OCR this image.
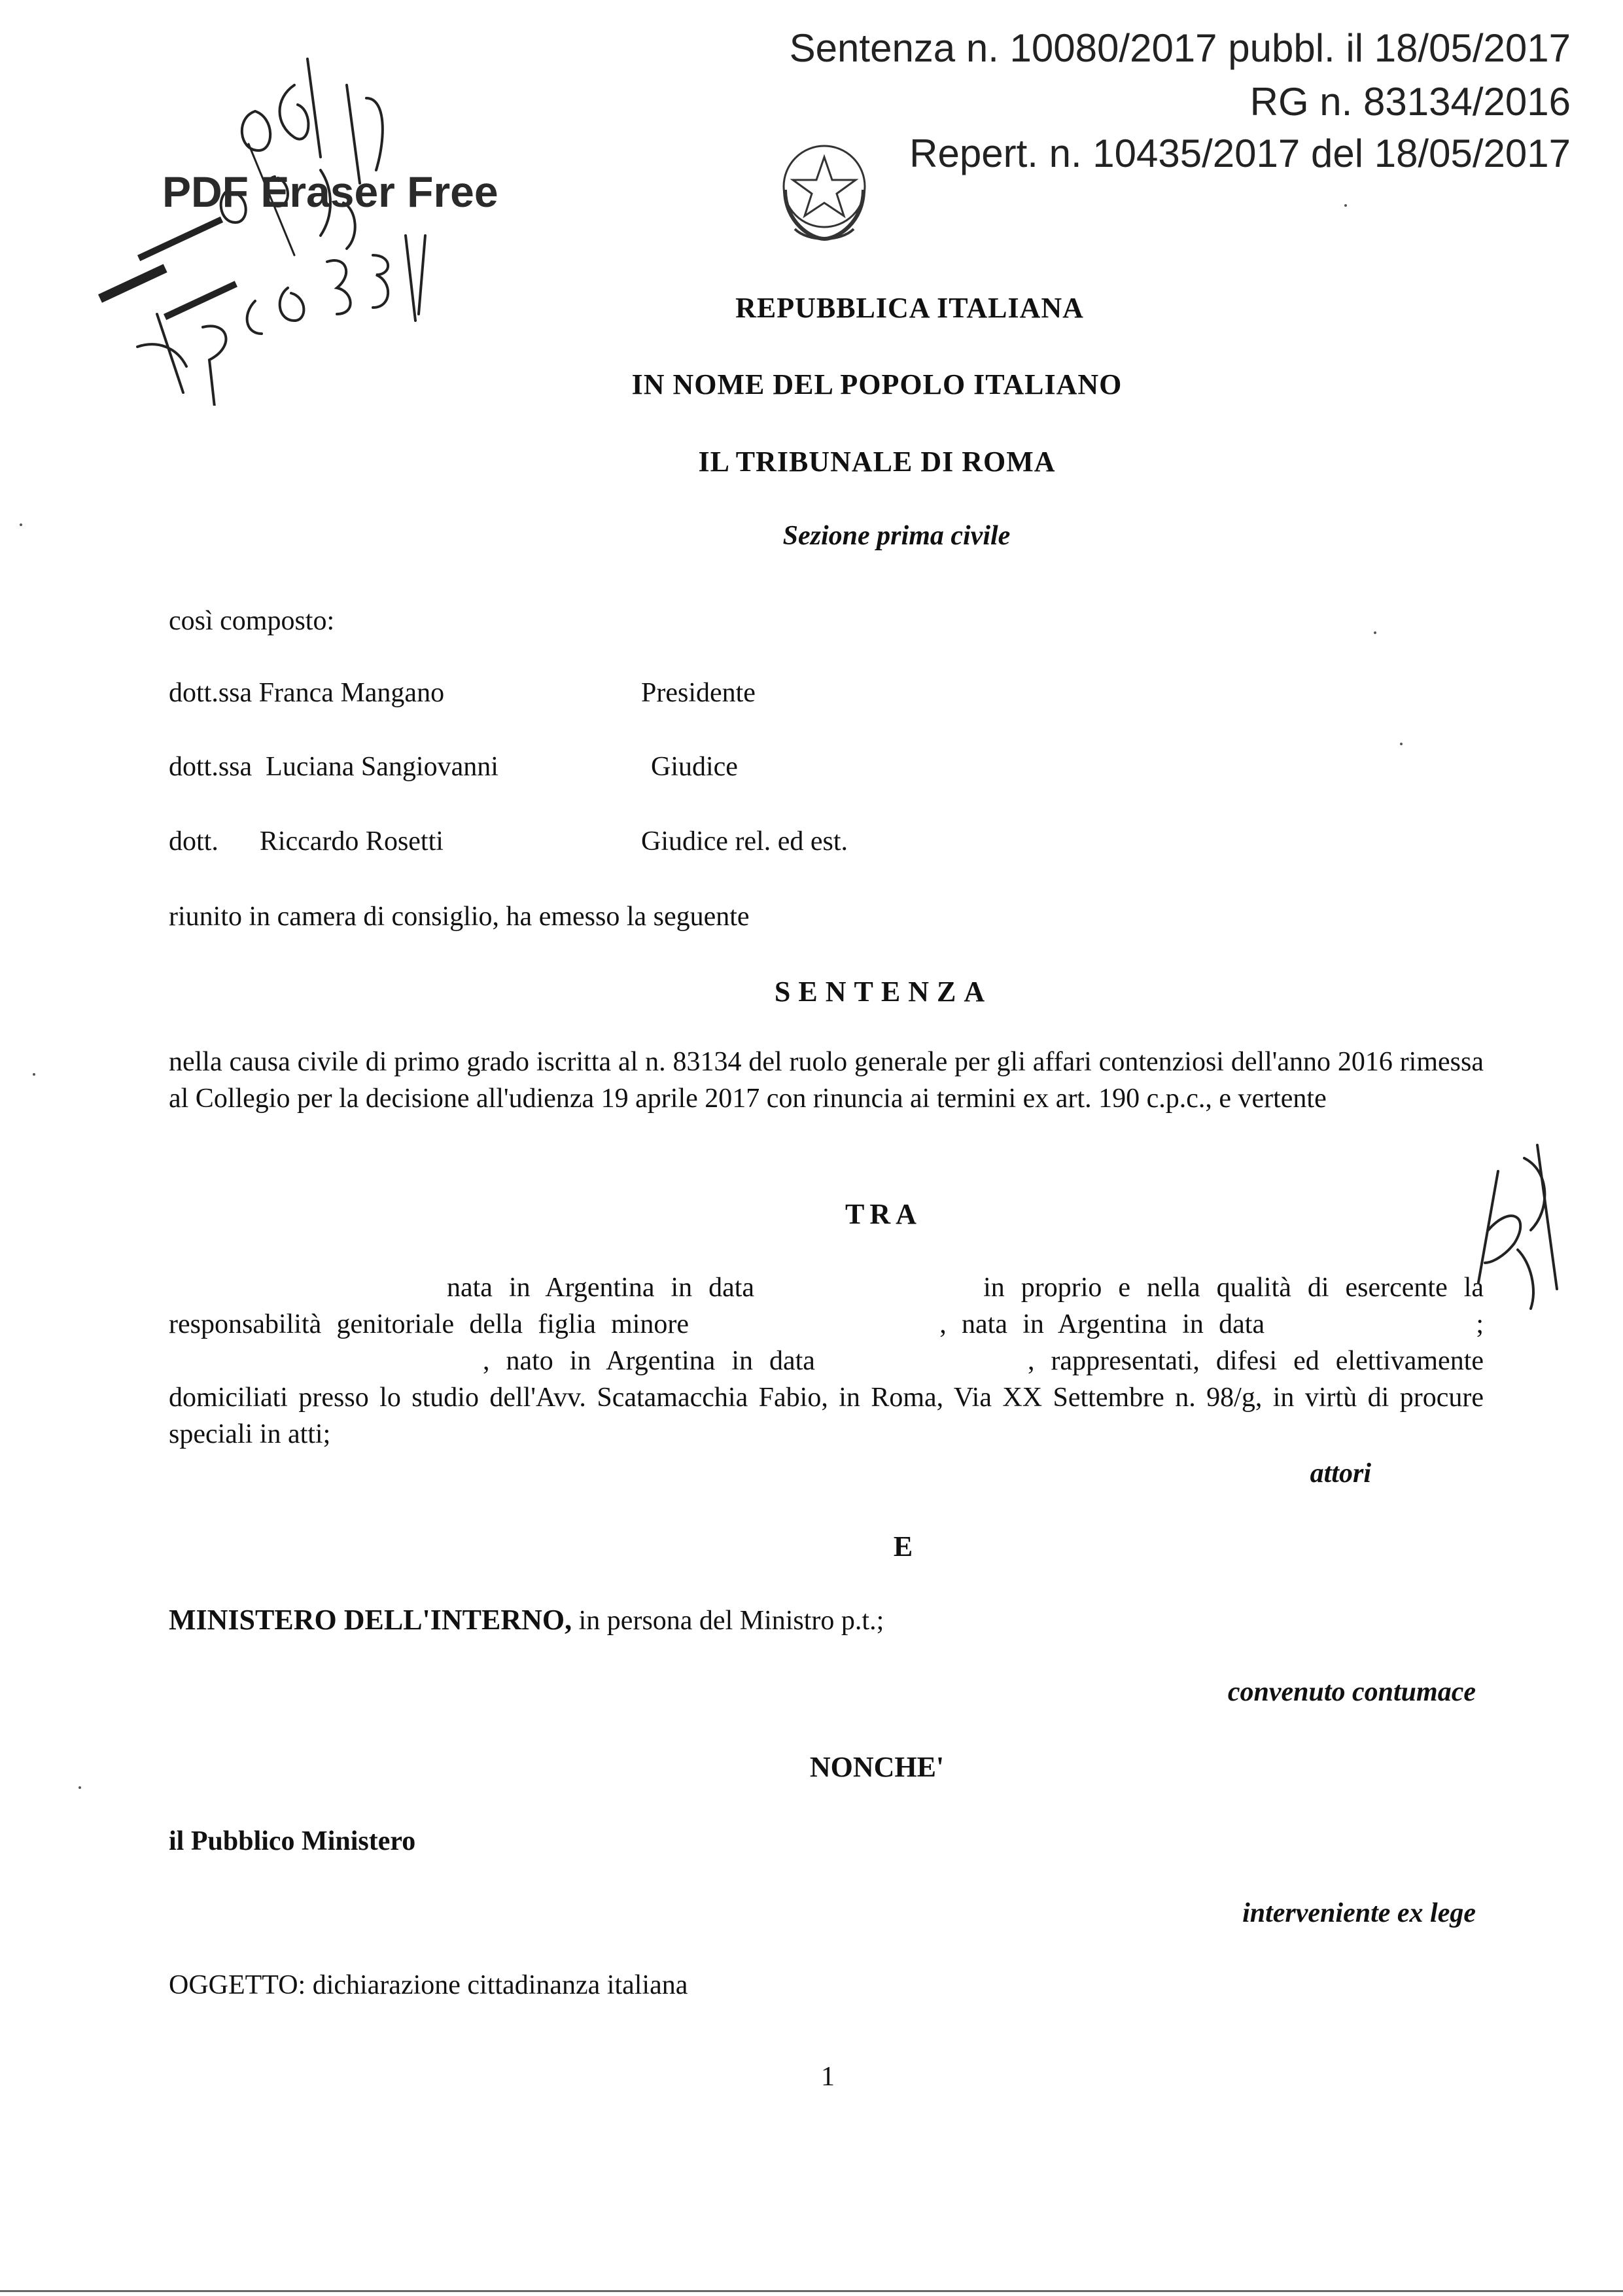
Sentenza n. 10080/2017 pubbl. il 18/05/2017
RG n. 83134/2016
Repert. n. 10435/2017 del 18/05/2017
PDF Eraser Free
REPUBBLICA ITALIANA
IN NOME DEL POPOLO ITALIANO
IL TRIBUNALE DI ROMA
Sezione prima civile
così composto:
dott.ssa Franca Mangano	Presidente
dott.ssa  Luciana Sangiovanni	Giudice
dott.      Riccardo Rosetti	Giudice rel. ed est.
riunito in camera di consiglio, ha emesso la seguente
SENTENZA
nella causa civile di primo grado iscritta al n. 83134 del ruolo generale per gli affari contenziosi dell'anno 2016 rimessa al Collegio per la decisione all'udienza 19 aprile 2017 con rinuncia ai termini ex art. 190 c.p.c., e vertente
TRA
nata in Argentina in data	in proprio e nella qualità di esercente la responsabilità genitoriale della figlia minore	, nata in Argentina in data	; , nato in Argentina in data	, rappresentati, difesi ed elettivamente domiciliati presso lo studio dell'Avv. Scatamacchia Fabio, in Roma, Via XX Settembre n. 98/g, in virtù di procure speciali in atti;
attori
E
MINISTERO DELL'INTERNO, in persona del Ministro p.t.;
convenuto contumace
NONCHE'
il Pubblico Ministero
interveniente ex lege
OGGETTO: dichiarazione cittadinanza italiana
1
